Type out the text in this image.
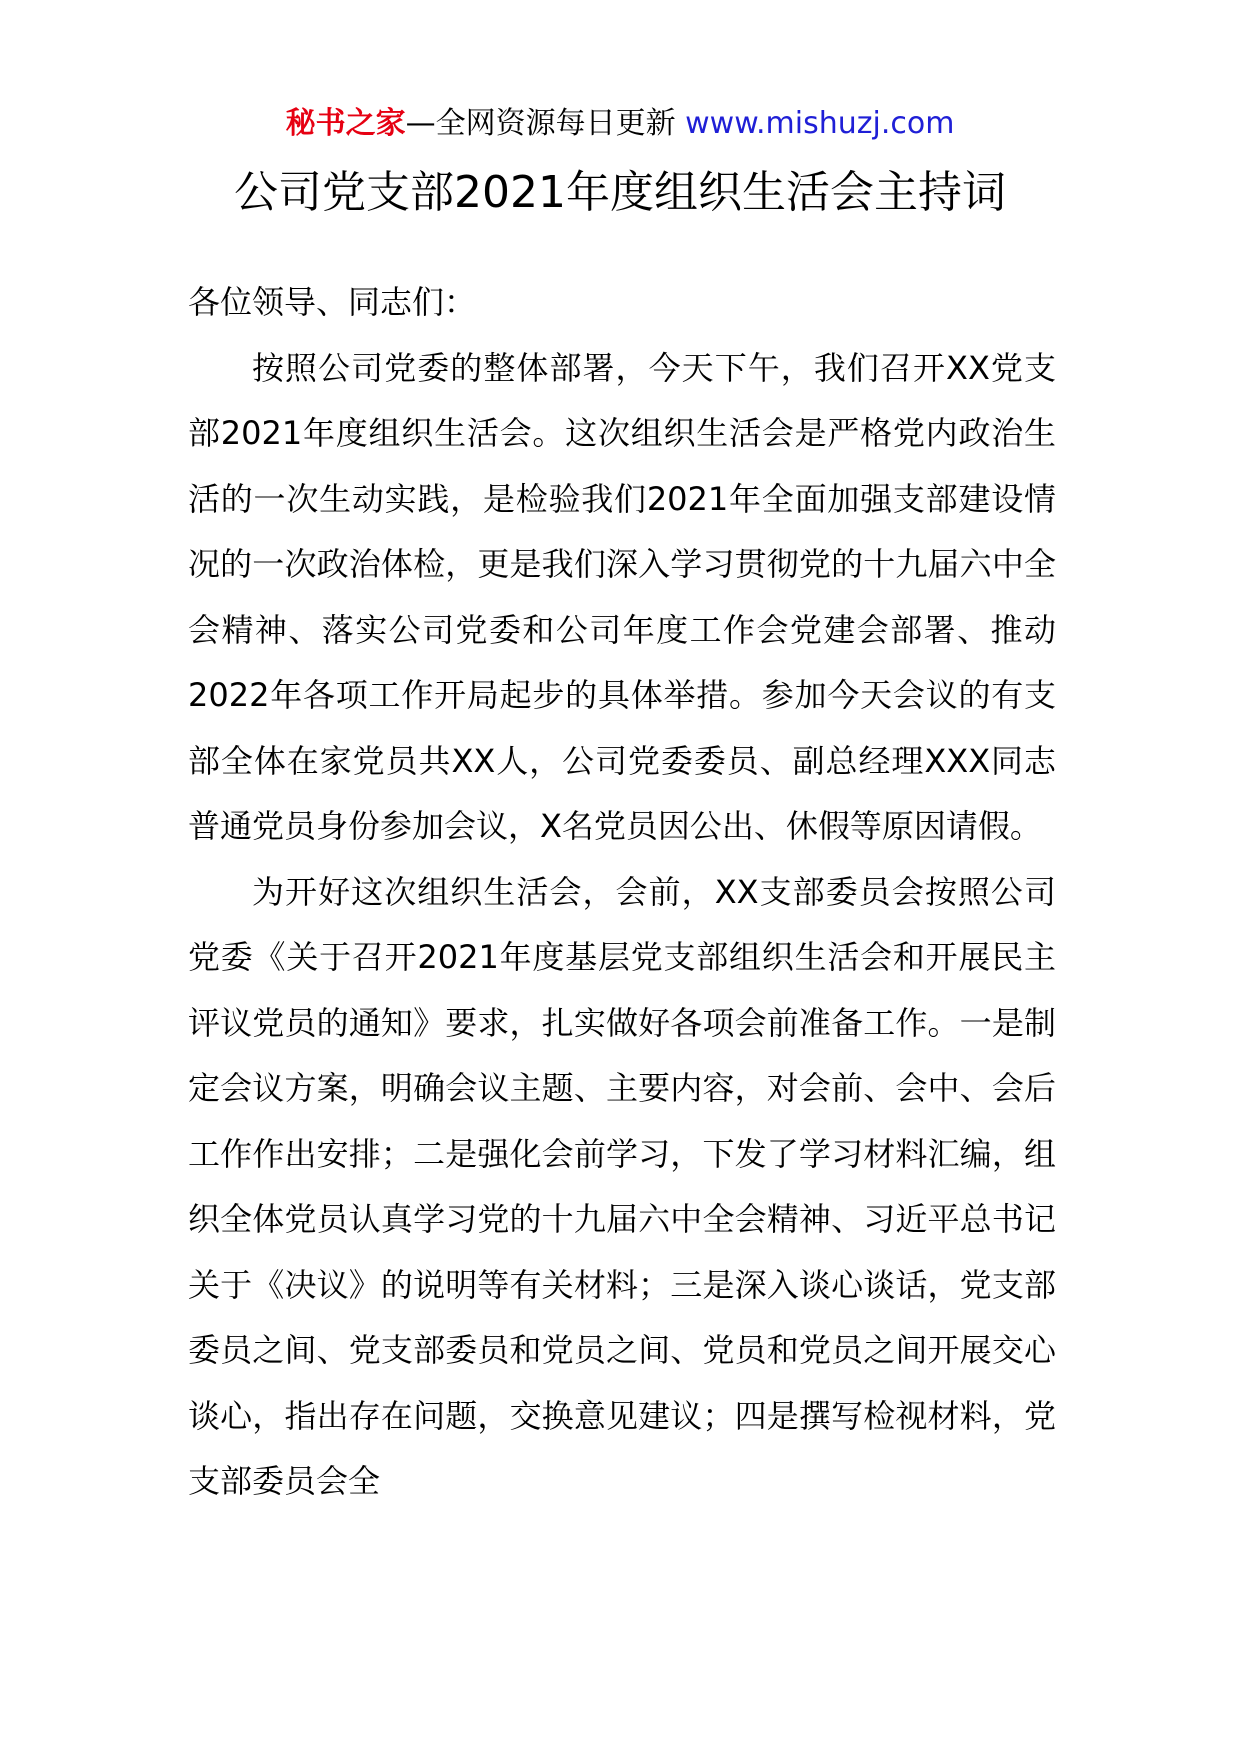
秘书之家—全网资源每日更新 www.mishuzj.com
公司党支部2021年度组织生活会主持词

各位领导、同志们：

按照公司党委的整体部署，今天下午，我们召开XX党支部2021年度组织生活会。这次组织生活会是严格党内政治生活的一次生动实践，是检验我们2021年全面加强支部建设情况的一次政治体检，更是我们深入学习贯彻党的十九届六中全会精神、落实公司党委和公司年度工作会党建会部署、推动2022年各项工作开局起步的具体举措。参加今天会议的有支部全体在家党员共XX人，公司党委委员、副总经理XXX同志普通党员身份参加会议，X名党员因公出、休假等原因请假。

为开好这次组织生活会，会前，XX支部委员会按照公司党委《关于召开2021年度基层党支部组织生活会和开展民主评议党员的通知》要求，扎实做好各项会前准备工作。一是制定会议方案，明确会议主题、主要内容，对会前、会中、会后工作作出安排；二是强化会前学习，下发了学习材料汇编，组织全体党员认真学习党的十九届六中全会精神、习近平总书记关于《决议》的说明等有关材料；三是深入谈心谈话，党支部委员之间、党支部委员和党员之间、党员和党员之间开展交心谈心，指出存在问题，交换意见建议；四是撰写检视材料，党支部委员会全
